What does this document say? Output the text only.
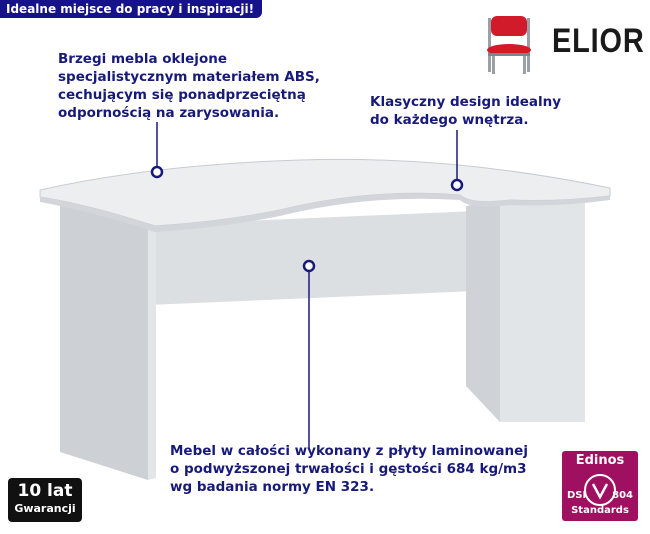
Idealne miejsce do pracy i inspiracji!
ELIOR
Brzegi mebla oklejone
specjalistycznym materiałem ABS,
cechującym się ponadprzeciętną
odpornością na zarysowania.
Klasyczny design idealny
do każdego wnętrza.
Mebel w całości wykonany z płyty laminowanej
o podwyższonej trwałości i gęstości 684 kg/m3
wg badania normy EN 323.
10 lat
Gwarancji
Edinos
DSI	804
Standards
